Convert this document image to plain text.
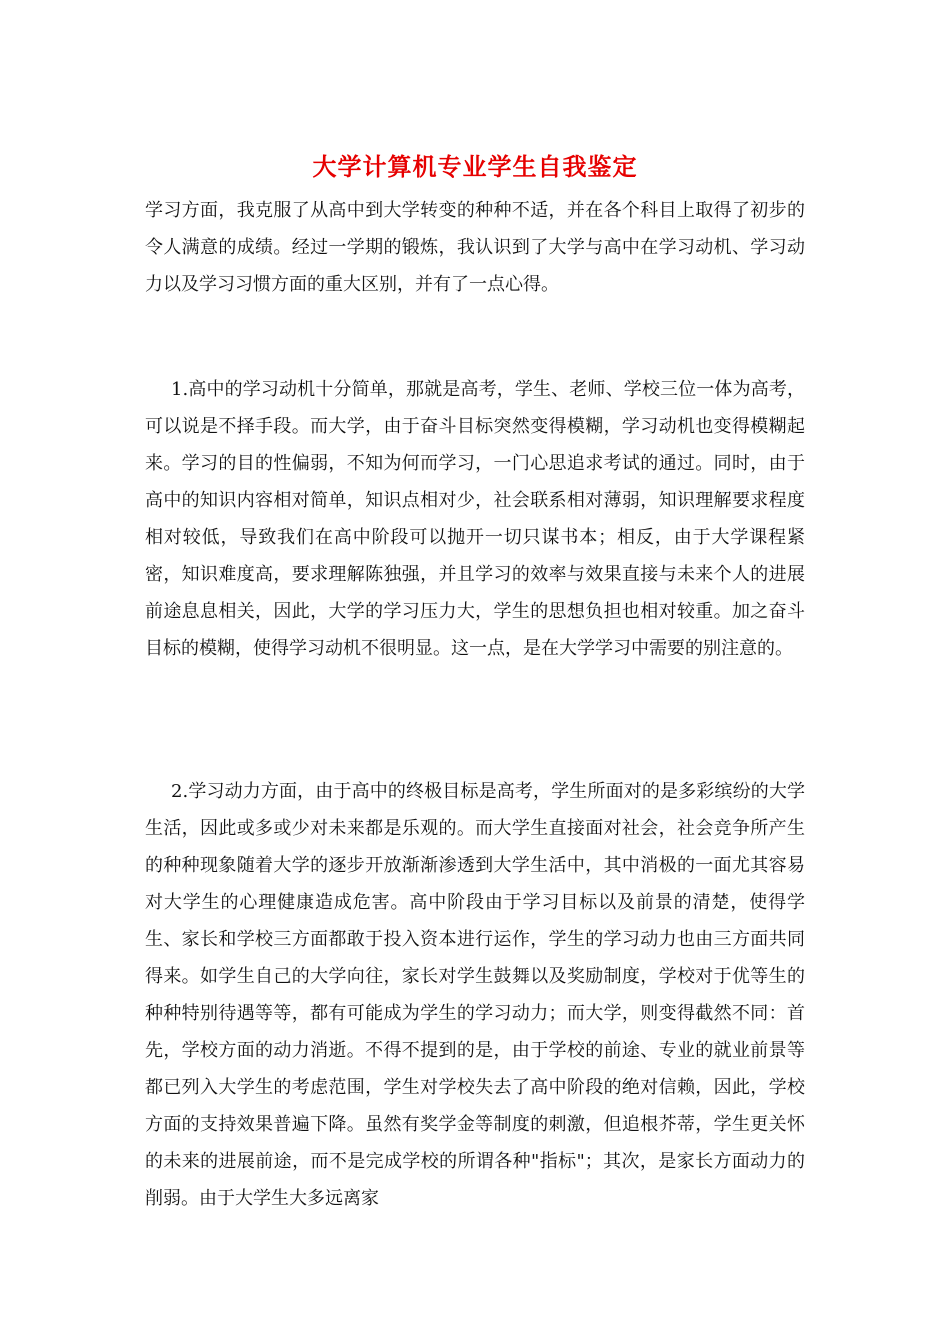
大学计算机专业学生自我鉴定

学习方面，我克服了从高中到大学转变的种种不适，并在各个科目上取得了初步的令人满意的成绩。经过一学期的锻炼，我认识到了大学与高中在学习动机、学习动力以及学习习惯方面的重大区别，并有了一点心得。

1.高中的学习动机十分简单，那就是高考，学生、老师、学校三位一体为高考，可以说是不择手段。而大学，由于奋斗目标突然变得模糊，学习动机也变得模糊起来。学习的目的性偏弱，不知为何而学习，一门心思追求考试的通过。同时，由于高中的知识内容相对简单，知识点相对少，社会联系相对薄弱，知识理解要求程度相对较低，导致我们在高中阶段可以抛开一切只谋书本；相反，由于大学课程紧密，知识难度高，要求理解陈独强，并且学习的效率与效果直接与未来个人的进展前途息息相关，因此，大学的学习压力大，学生的思想负担也相对较重。加之奋斗目标的模糊，使得学习动机不很明显。这一点，是在大学学习中需要的别注意的。

2.学习动力方面，由于高中的终极目标是高考，学生所面对的是多彩缤纷的大学生活，因此或多或少对未来都是乐观的。而大学生直接面对社会，社会竞争所产生的种种现象随着大学的逐步开放渐渐渗透到大学生活中，其中消极的一面尤其容易对大学生的心理健康造成危害。高中阶段由于学习目标以及前景的清楚，使得学生、家长和学校三方面都敢于投入资本进行运作，学生的学习动力也由三方面共同得来。如学生自己的大学向往，家长对学生鼓舞以及奖励制度，学校对于优等生的种种特别待遇等等，都有可能成为学生的学习动力；而大学，则变得截然不同：首先，学校方面的动力消逝。不得不提到的是，由于学校的前途、专业的就业前景等都已列入大学生的考虑范围，学生对学校失去了高中阶段的绝对信赖，因此，学校方面的支持效果普遍下降。虽然有奖学金等制度的刺激，但追根芥蒂，学生更关怀的未来的进展前途，而不是完成学校的所谓各种"指标"；其次，是家长方面动力的削弱。由于大学生大多远离家
